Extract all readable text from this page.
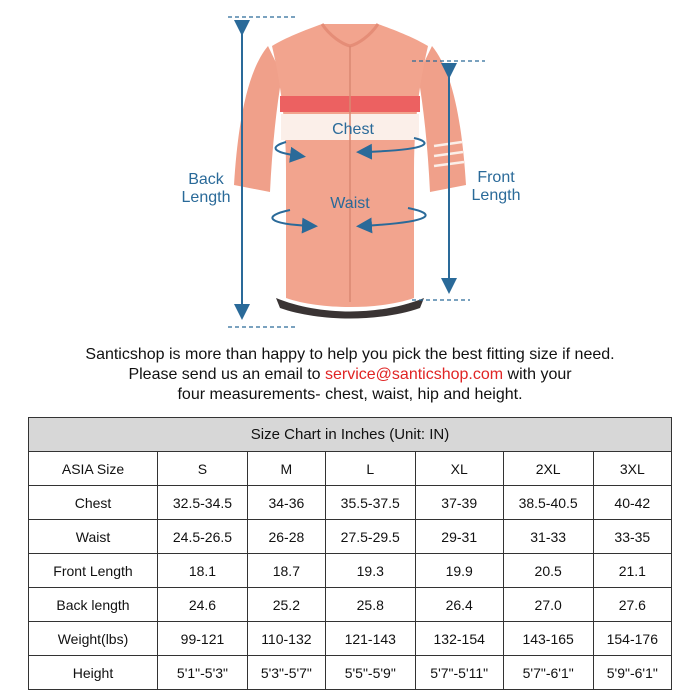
Chest
Waist
Back
Length
Front
Length
Santicshop is more than happy to help you pick the best fitting size if need.
Please send us an email to service@santicshop.com with your
four measurements- chest, waist, hip and height.
Size Chart in Inches (Unit: IN)						
ASIA Size	S	M	L	XL	2XL	3XL
Chest	32.5-34.5	34-36	35.5-37.5	37-39	38.5-40.5	40-42
Waist	24.5-26.5	26-28	27.5-29.5	29-31	31-33	33-35
Front Length	18.1	18.7	19.3	19.9	20.5	21.1
Back length	24.6	25.2	25.8	26.4	27.0	27.6
Weight(lbs)	99-121	110-132	121-143	132-154	143-165	154-176
Height	5'1"-5'3"	5'3"-5'7"	5'5"-5'9"	5'7"-5'11"	5'7"-6'1"	5'9"-6'1"
